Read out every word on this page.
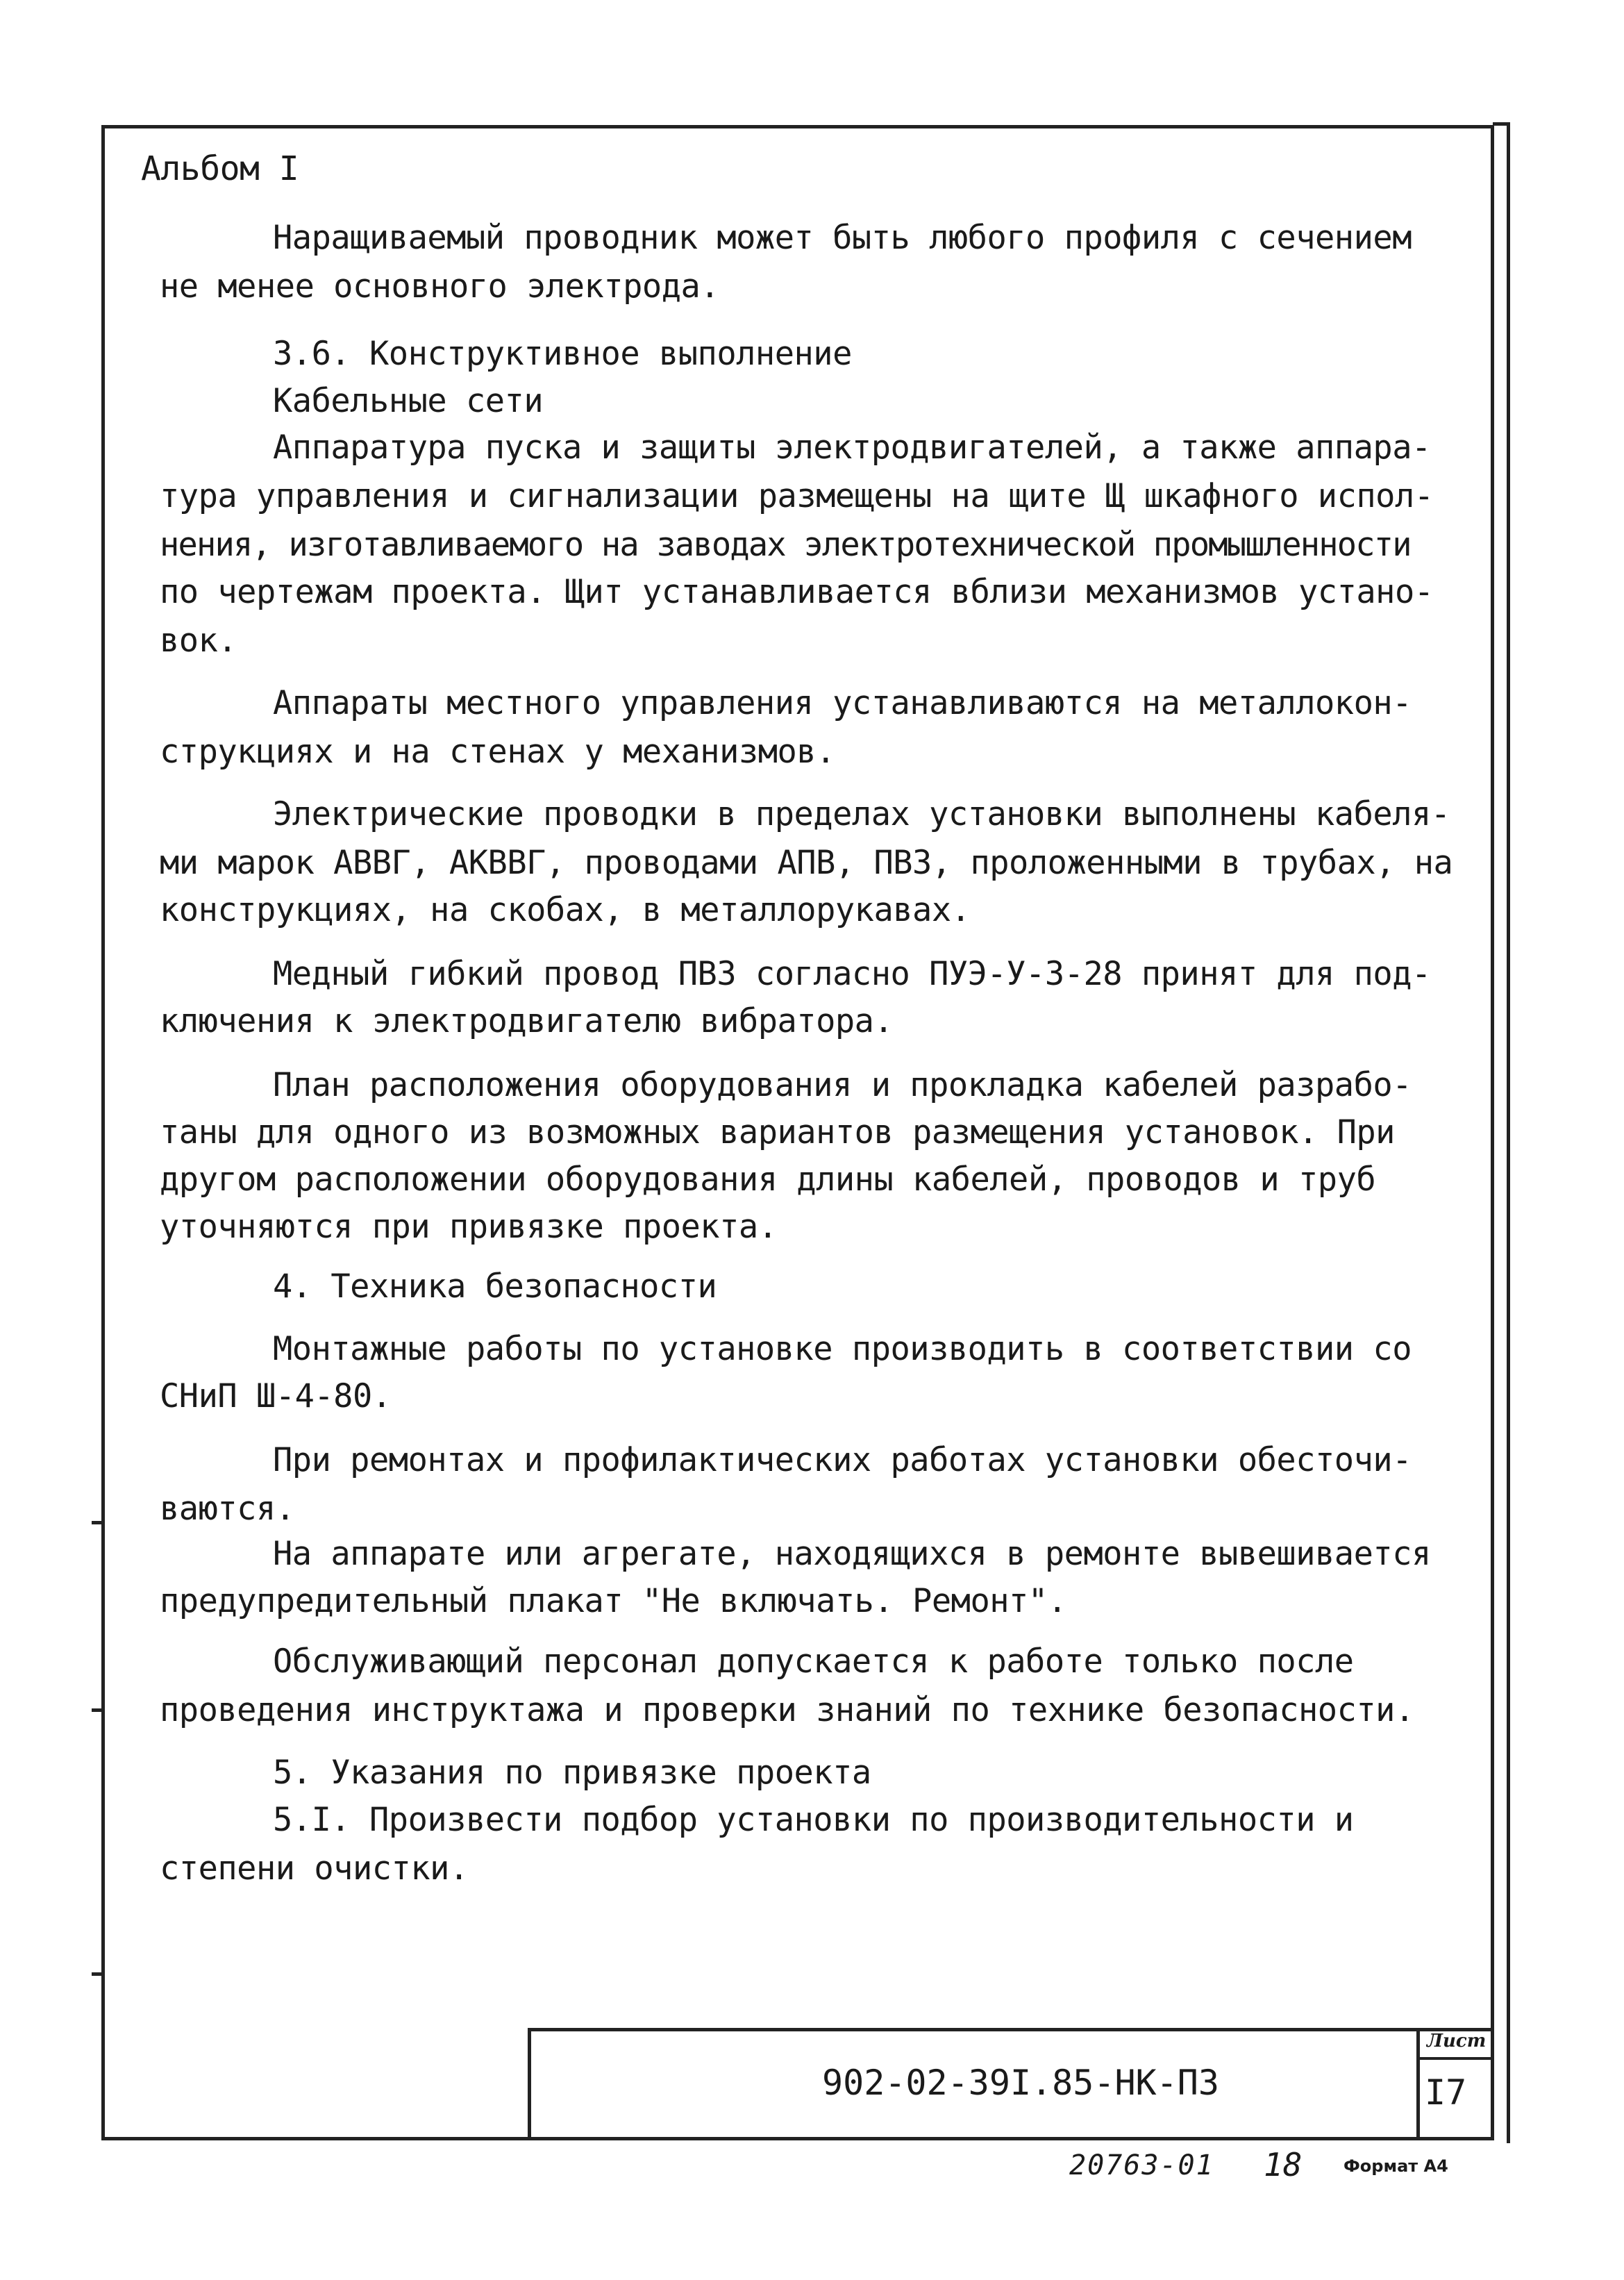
Альбом I
Наращиваемый проводник может быть любого профиля с сечением
не менее основного электрода.
3.6. Конструктивное выполнение
Кабельные сети
Аппаратура пуска и защиты электродвигателей, а также аппара-
тура управления и сигнализации размещены на щите Щ шкафного испол-
нения, изготавливаемого на заводах электротехнической промышленности
по чертежам проекта. Щит устанавливается вблизи механизмов устано-
вок.
Аппараты местного управления устанавливаются на металлокон-
струкциях и на стенах у механизмов.
Электрические проводки в пределах установки выполнены кабеля-
ми марок АВВГ, АКВВГ, проводами АПВ, ПВЗ, проложенными в трубах, на
конструкциях, на скобах, в металлорукавах.
Медный гибкий провод ПВЗ согласно ПУЭ-У-3-28 принят для под-
ключения к электродвигателю вибратора.
План расположения оборудования и прокладка кабелей разрабо-
таны для одного из возможных вариантов размещения установок. При
другом расположении оборудования длины кабелей, проводов и труб
уточняются при привязке проекта.
4. Техника безопасности
Монтажные работы по установке производить в соответствии со
СНиП Ш-4-80.
При ремонтах и профилактических работах установки обесточи-
ваются.
На аппарате или агрегате, находящихся в ремонте вывешивается
предупредительный плакат "Не включать. Ремонт".
Обслуживающий персонал допускается к работе только после
проведения инструктажа и проверки знаний по технике безопасности.
5. Указания по привязке проекта
5.I. Произвести подбор установки по производительности и
степени очистки.
902-02-39I.85-НК-ПЗ
Лист
I7
20763-01 18 Формат А4
